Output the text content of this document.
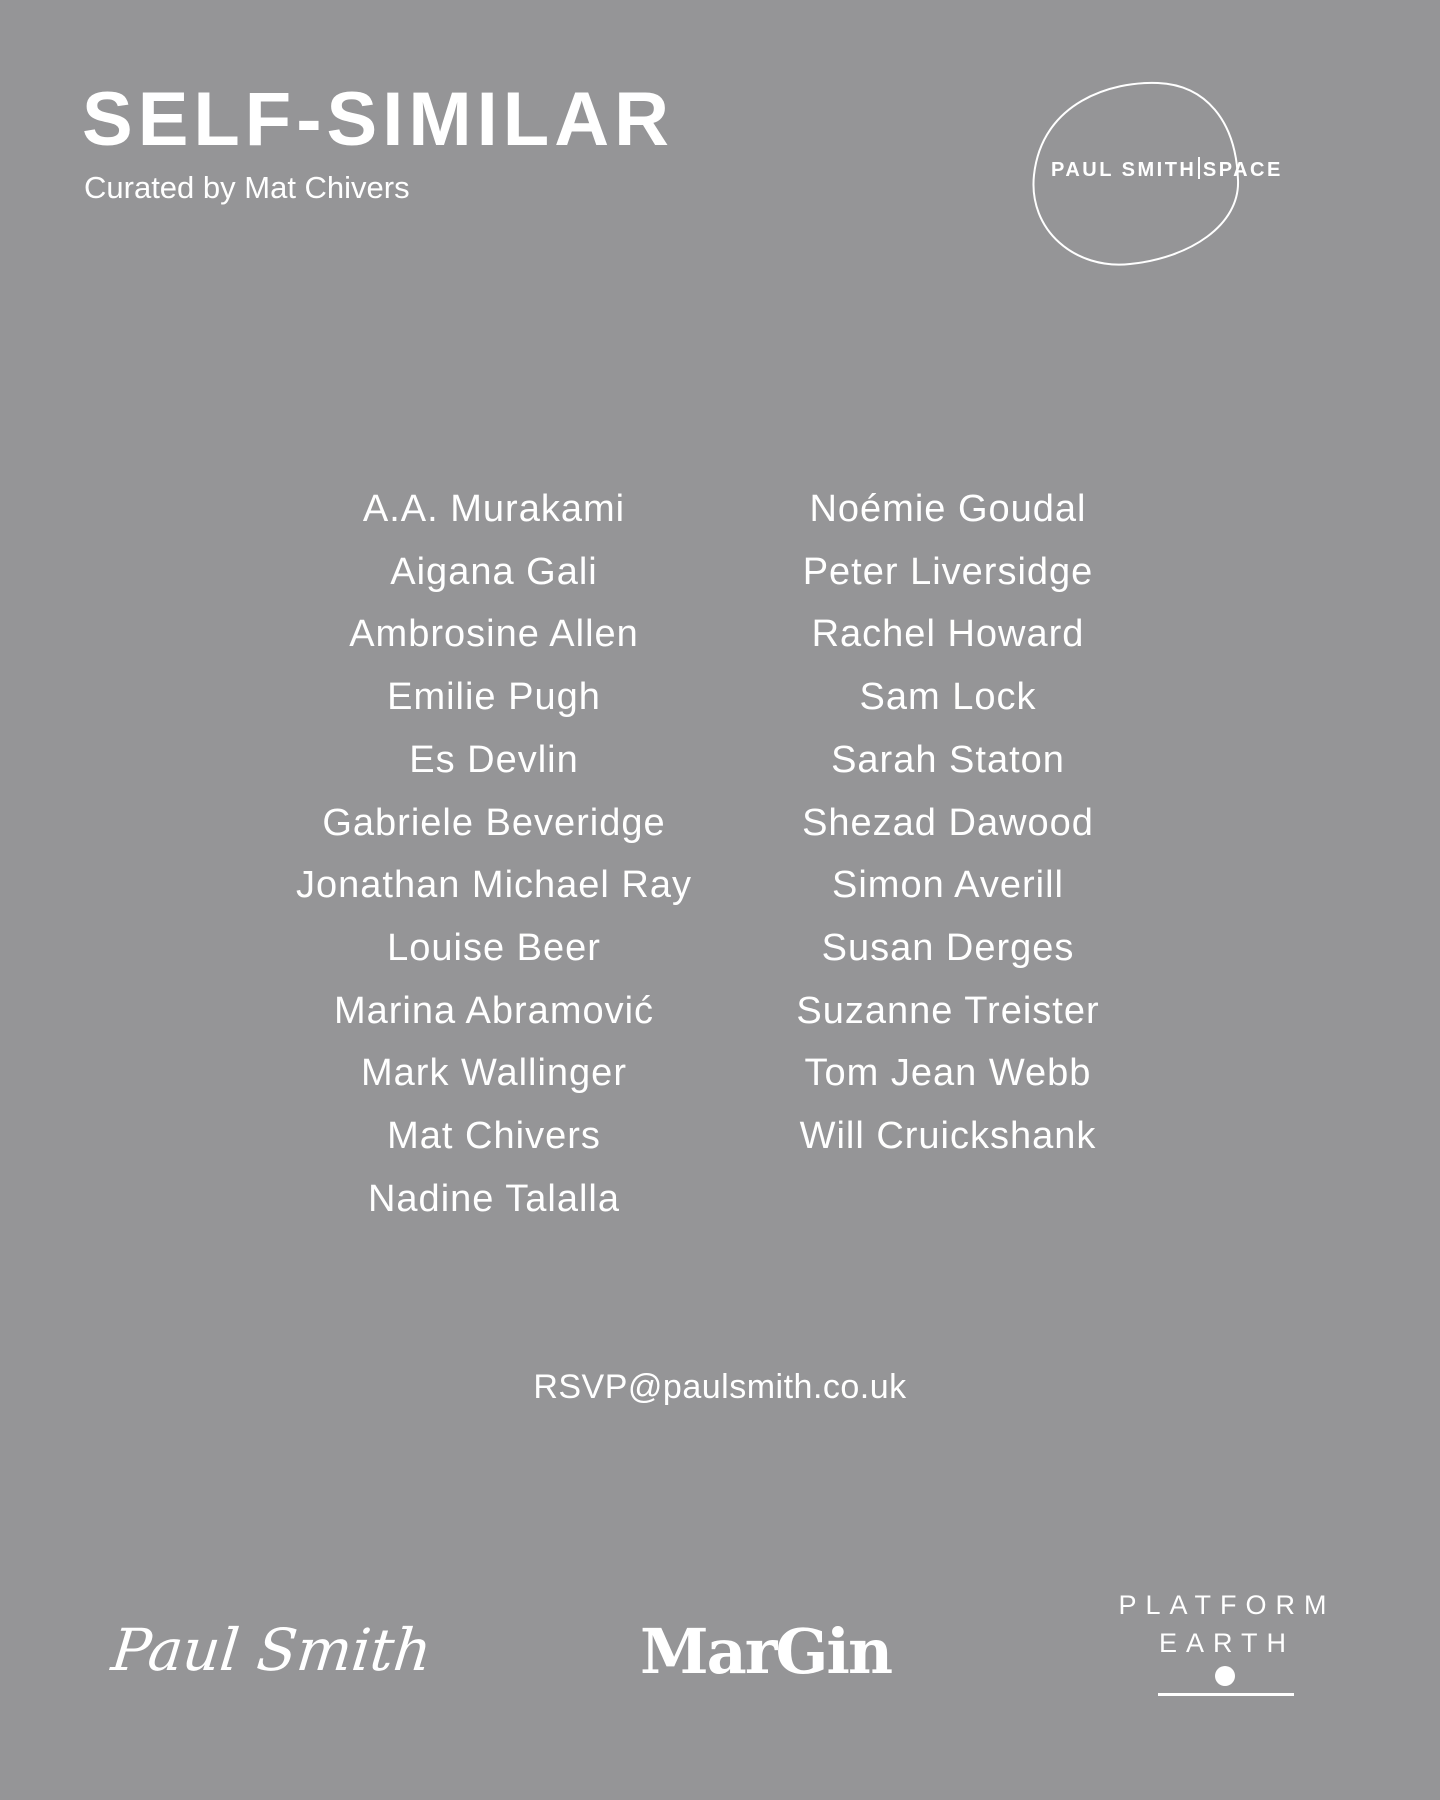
SELF-SIMILAR

Curated by Mat Chivers	PAUL SMITH SPACE
A.A. Murakami
Aigana Gali
Ambrosine Allen
Emilie Pugh
Es Devlin
Gabriele Beveridge
Jonathan Michael Ray
Louise Beer
Marina Abramović
Mark Wallinger
Mat Chivers
Nadine Talalla
Noémie Goudal
Peter Liversidge
Rachel Howard
Sam Lock
Sarah Staton
Shezad Dawood
Simon Averill
Susan Derges
Suzanne Treister
Tom Jean Webb
Will Cruickshank
RSVP@paulsmith.co.uk
Paul Smith	MarGin
PLATFORM
EARTH
